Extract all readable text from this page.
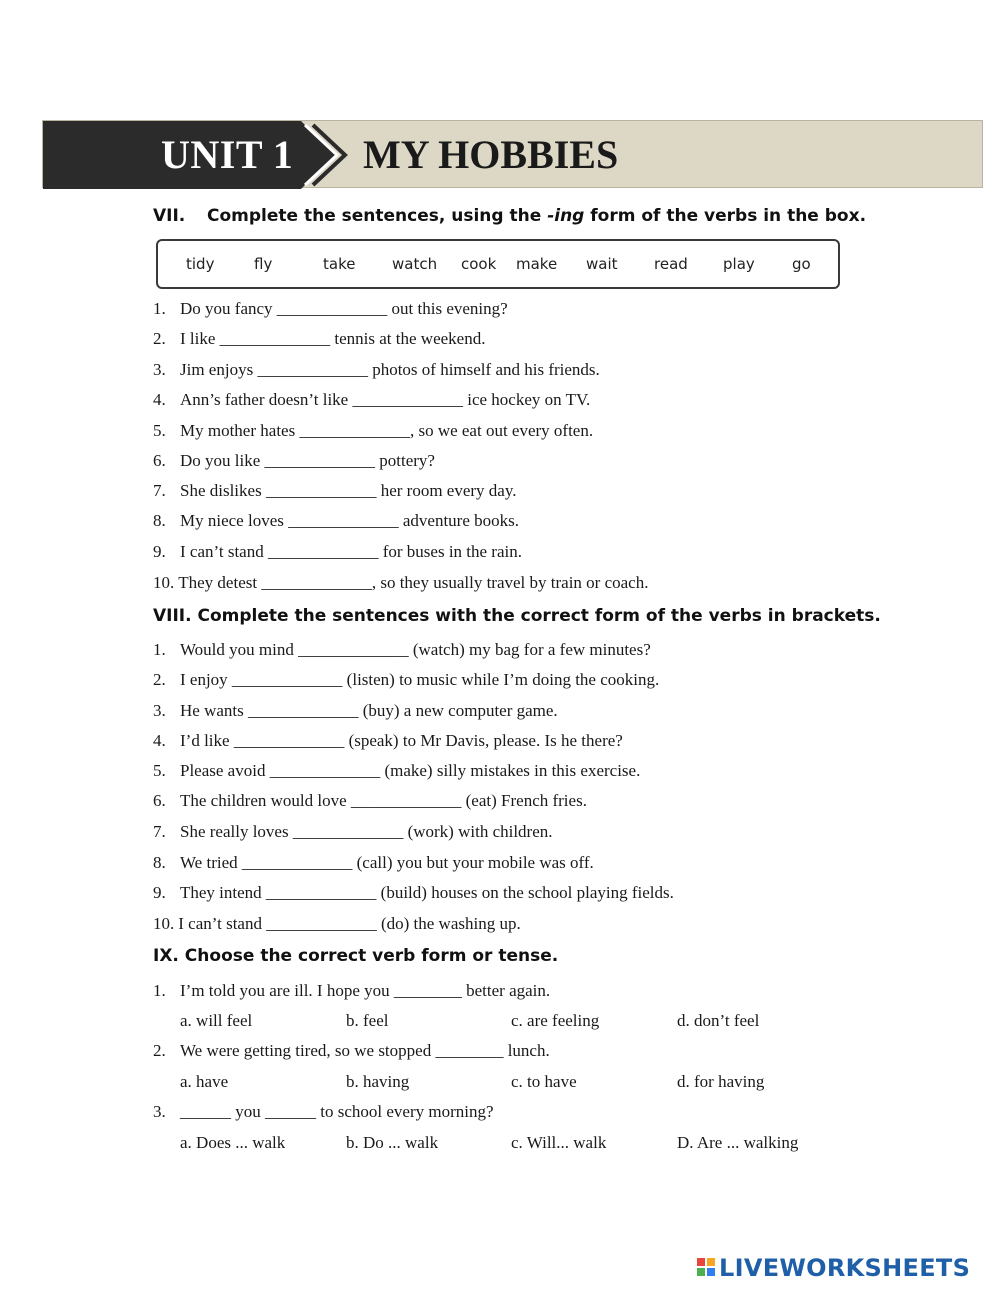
UNIT 1	MY HOBBIES
VII. Complete the sentences, using the -ing form of the verbs in the box.
tidy	fly	take watch cook make wait read play go
1. Do you fancy _____________ out this evening?
2. I like _____________ tennis at the weekend.
3. Jim enjoys _____________ photos of himself and his friends.
4. Ann’s father doesn’t like _____________ ice hockey on TV.
5. My mother hates _____________, so we eat out every often.
6. Do you like _____________ pottery?
7. She dislikes _____________ her room every day.
8. My niece loves _____________ adventure books.
9. I can’t stand _____________ for buses in the rain.
10. They detest _____________, so they usually travel by train or coach.
VIII. Complete the sentences with the correct form of the verbs in brackets.
1. Would you mind _____________ (watch) my bag for a few minutes?
2. I enjoy _____________ (listen) to music while I’m doing the cooking.
3. He wants _____________ (buy) a new computer game.
4. I’d like _____________ (speak) to Mr Davis, please. Is he there?
5. Please avoid _____________ (make) silly mistakes in this exercise.
6. The children would love _____________ (eat) French fries.
7. She really loves _____________ (work) with children.
8. We tried _____________ (call) you but your mobile was off.
9. They intend _____________ (build) houses on the school playing fields.
10. I can’t stand _____________ (do) the washing up.
IX. Choose the correct verb form or tense.
1. I’m told you are ill. I hope you ________ better again.
a. will feel	b. feel	c. are feeling	d. don’t feel
2. We were getting tired, so we stopped ________ lunch.
a. have	b. having	c. to have	d. for having
3. ______ you ______ to school every morning?
a. Does ... walk	b. Do ... walk	c. Will... walk	D. Are ... walking
LIVEWORKSHEETS
